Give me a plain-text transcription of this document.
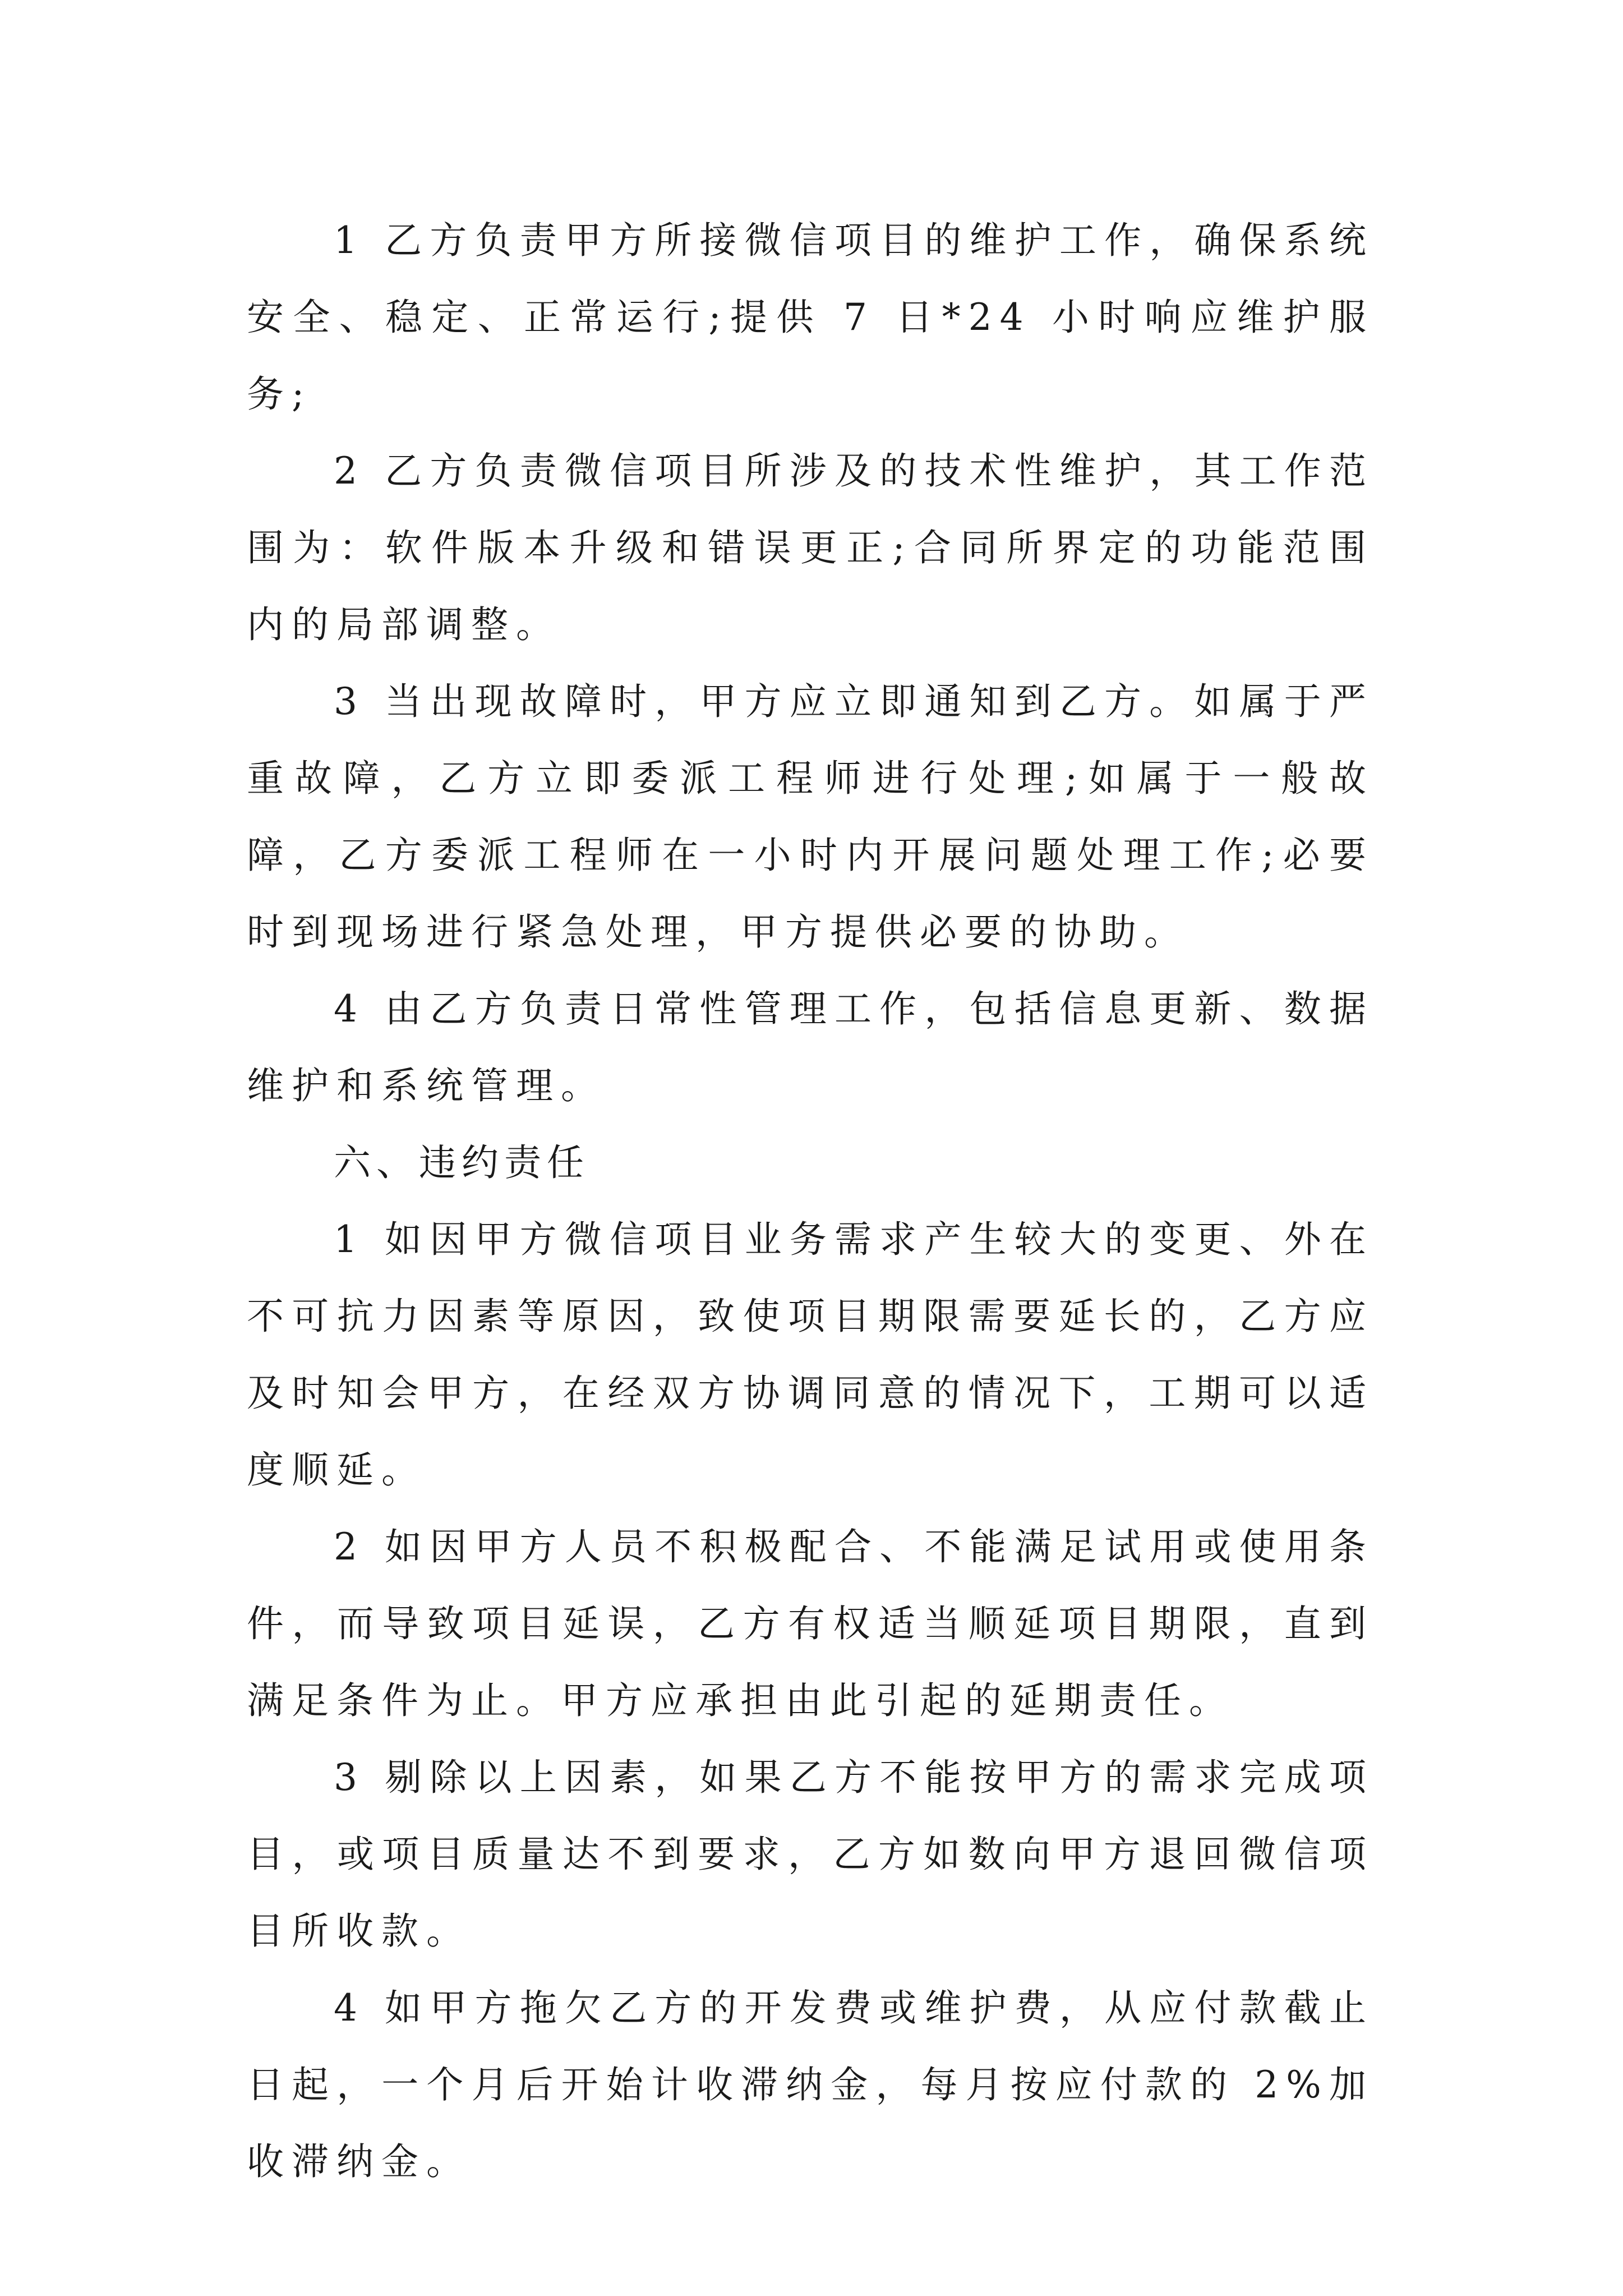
1 乙方负责甲方所接微信项目的维护工作，确保系统安全、稳定、正常运行;提供 7 日*24 小时响应维护服务;

2 乙方负责微信项目所涉及的技术性维护，其工作范围为：软件版本升级和错误更正;合同所界定的功能范围内的局部调整。

3 当出现故障时，甲方应立即通知到乙方。如属于严重故障，乙方立即委派工程师进行处理;如属于一般故障，乙方委派工程师在一小时内开展问题处理工作;必要时到现场进行紧急处理，甲方提供必要的协助。

4 由乙方负责日常性管理工作，包括信息更新、数据维护和系统管理。

六、违约责任

1 如因甲方微信项目业务需求产生较大的变更、外在不可抗力因素等原因，致使项目期限需要延长的，乙方应及时知会甲方，在经双方协调同意的情况下，工期可以适度顺延。

2 如因甲方人员不积极配合、不能满足试用或使用条件，而导致项目延误，乙方有权适当顺延项目期限，直到满足条件为止。甲方应承担由此引起的延期责任。

3 剔除以上因素，如果乙方不能按甲方的需求完成项目，或项目质量达不到要求，乙方如数向甲方退回微信项目所收款。

4 如甲方拖欠乙方的开发费或维护费，从应付款截止日起，一个月后开始计收滞纳金，每月按应付款的 2%加收滞纳金。
